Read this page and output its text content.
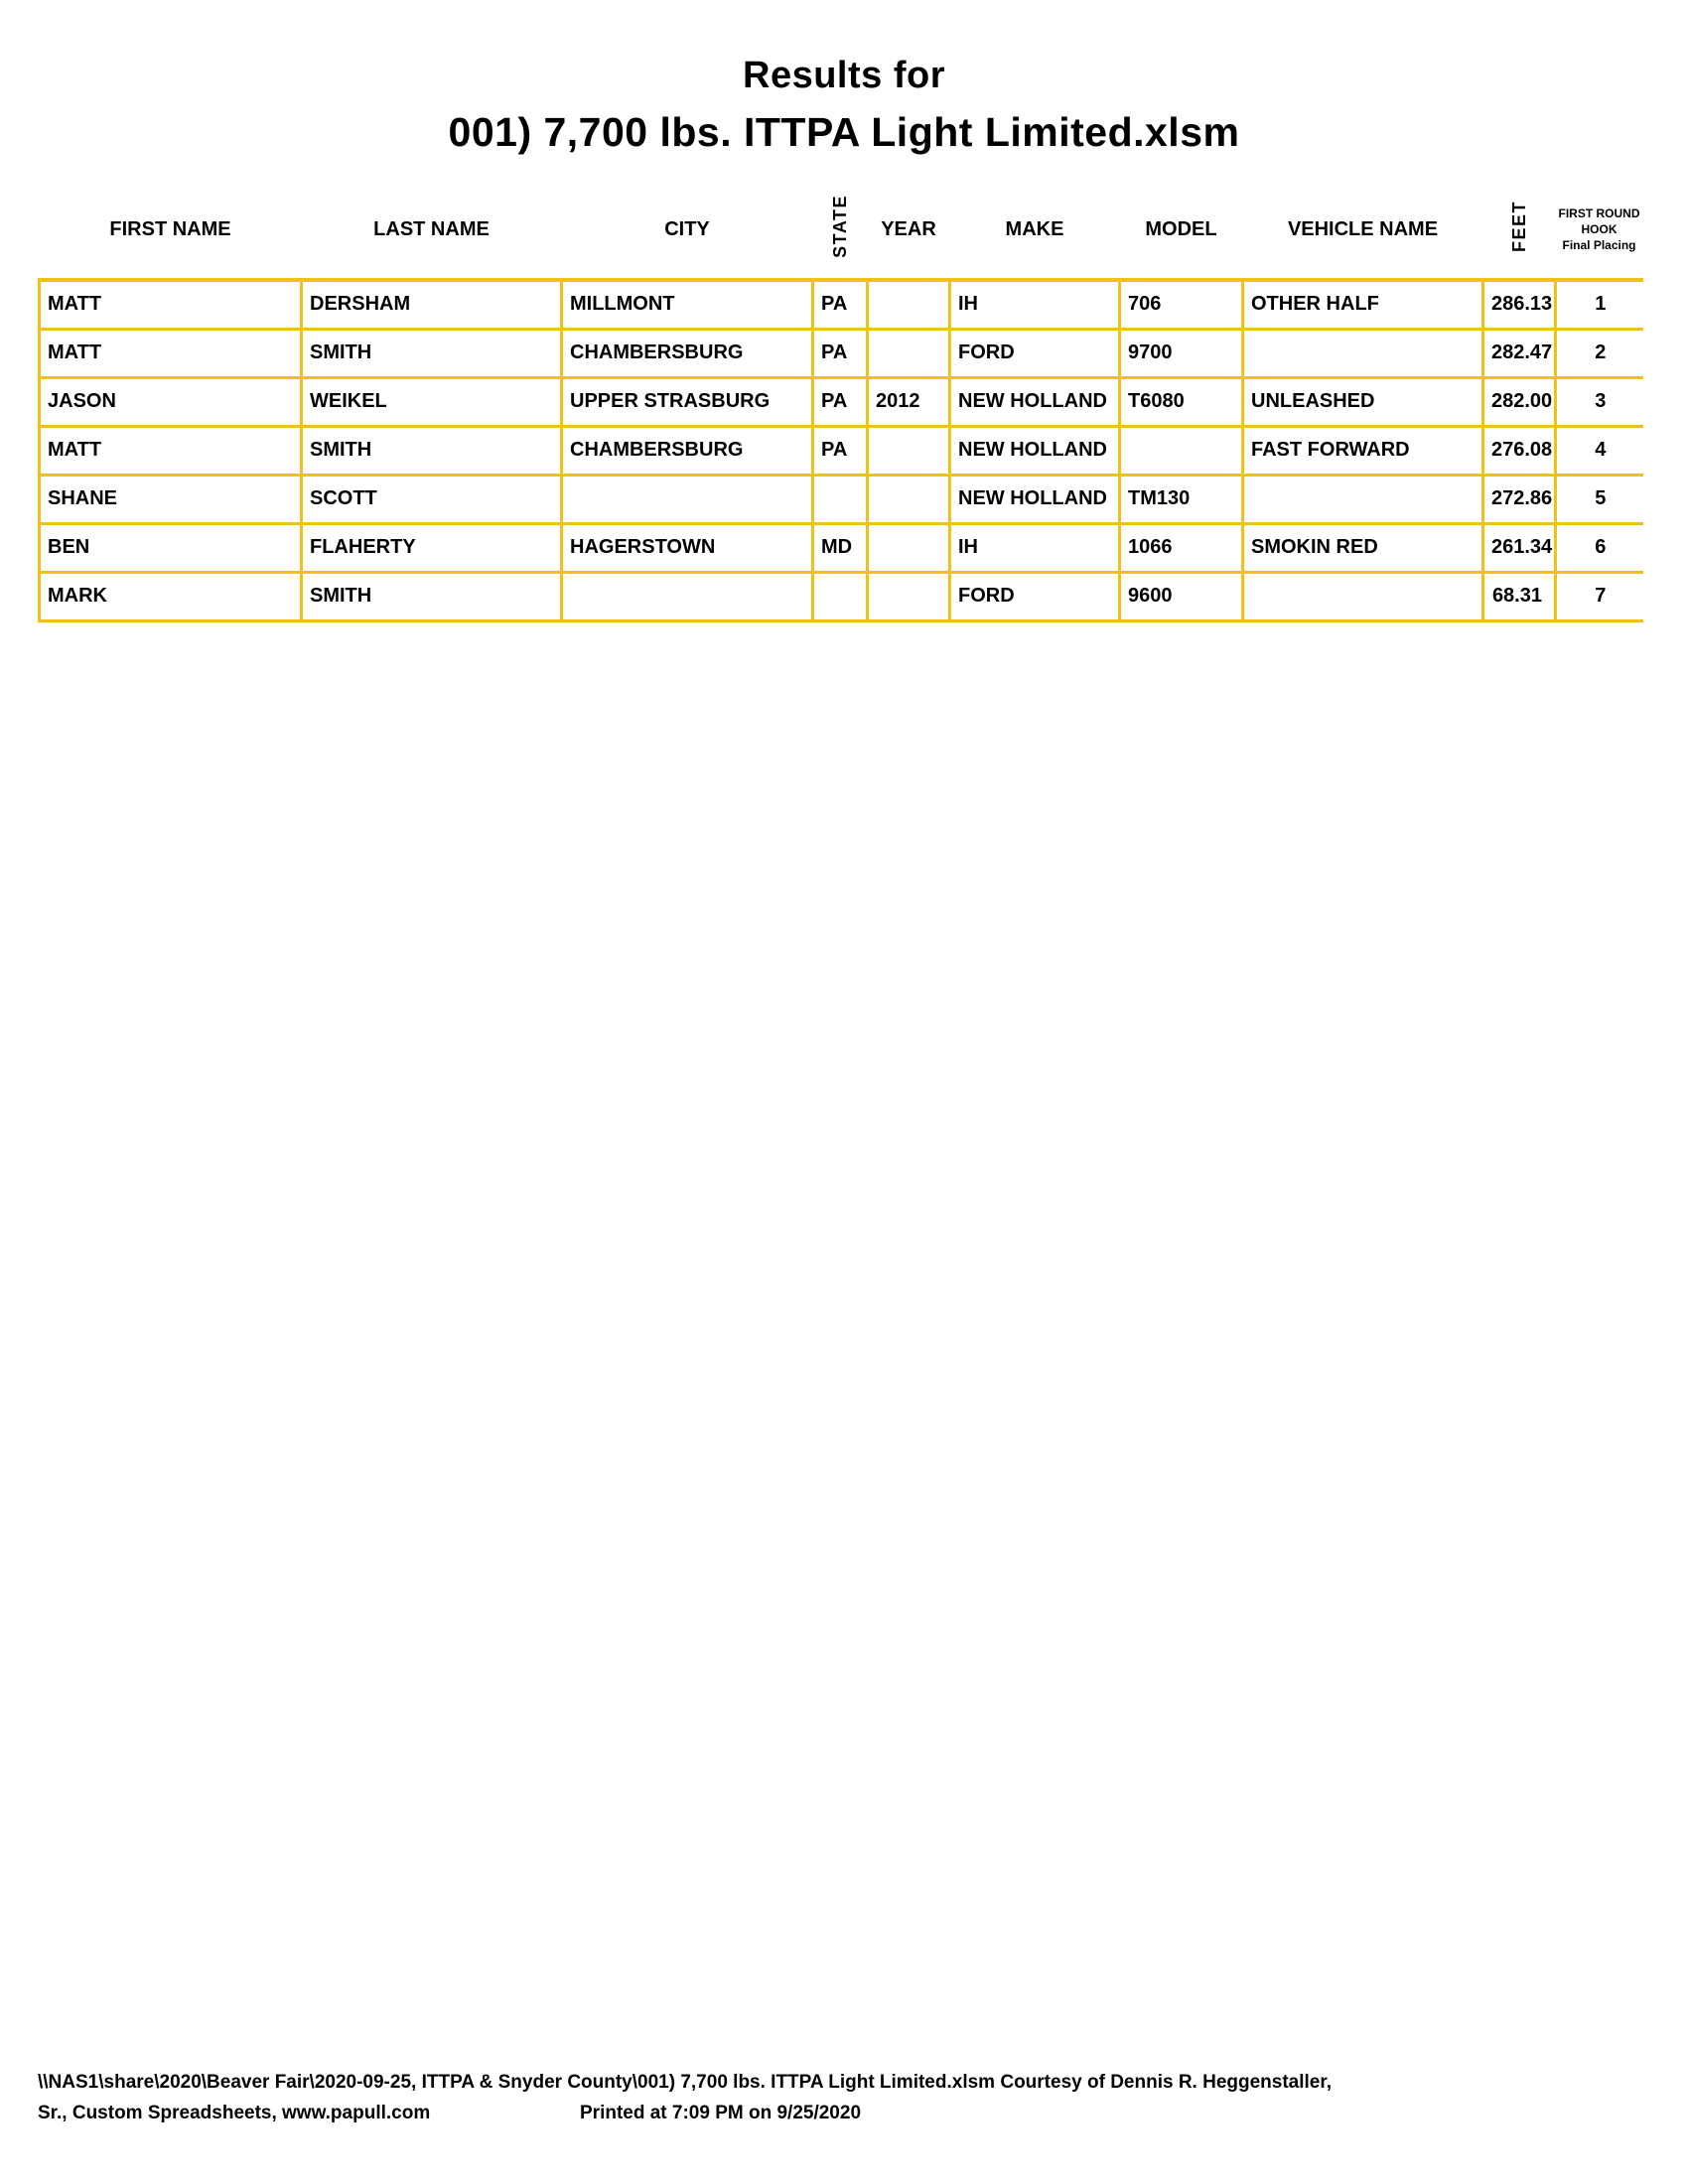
Results for
001) 7,700 lbs. ITTPA Light Limited.xlsm
FIRST NAME	LAST NAME	CITY	STATE	YEAR	MAKE	MODEL	VEHICLE NAME	FEET	FIRST ROUND
HOOK
Final Placing

MATT	DERSHAM	MILLMONT	PA		IH	706	OTHER HALF	286.13	1
MATT	SMITH	CHAMBERSBURG	PA		FORD	9700		282.47	2
JASON	WEIKEL	UPPER STRASBURG	PA	2012	NEW HOLLAND	T6080	UNLEASHED	282.00	3
MATT	SMITH	CHAMBERSBURG	PA		NEW HOLLAND		FAST FORWARD	276.08	4
SHANE	SCOTT				NEW HOLLAND	TM130		272.86	5
BEN	FLAHERTY	HAGERSTOWN	MD		IH	1066	SMOKIN RED	261.34	6
MARK	SMITH				FORD	9600		68.31	7
\\NAS1\share\2020\Beaver Fair\2020-09-25, ITTPA & Snyder County\001) 7,700 lbs. ITTPA Light Limited.xlsm Courtesy of Dennis R. Heggenstaller,
Sr., Custom Spreadsheets, www.papull.com	Printed at 7:09 PM on 9/25/2020
